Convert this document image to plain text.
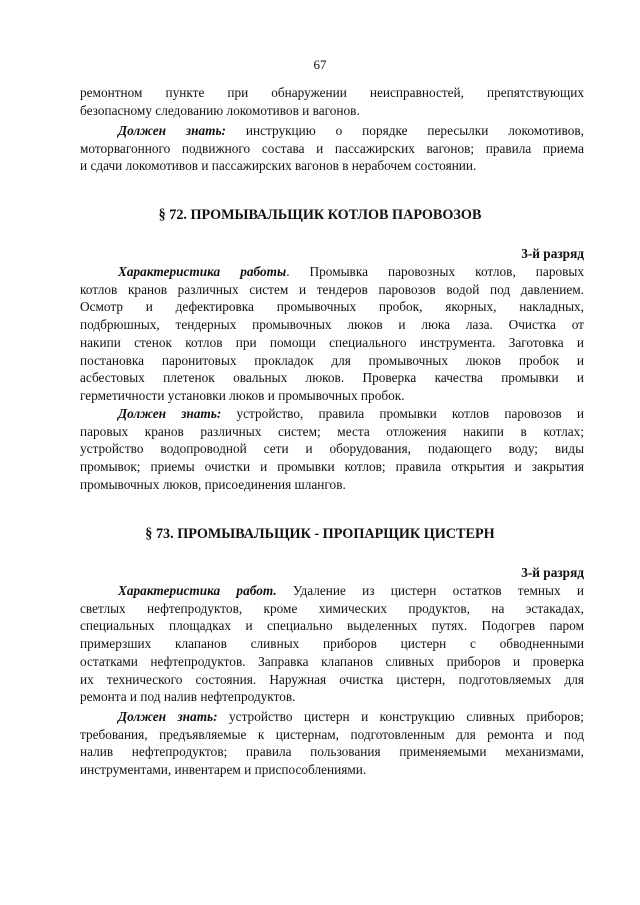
67
ремонтном пункте при обнаружении неисправностей, препятствующих
безопасному следованию локомотивов и вагонов.
Должен знать: инструкцию о порядке пересылки локомотивов,
моторвагонного подвижного состава и пассажирских вагонов; правила приема
и сдачи локомотивов и пассажирских вагонов в нерабочем состоянии.
§ 72. ПРОМЫВАЛЬЩИК КОТЛОВ ПАРОВОЗОВ
3-й разряд
Характеристика работы. Промывка паровозных котлов, паровых
котлов кранов различных систем и тендеров паровозов водой под давлением.
Осмотр и дефектировка промывочных пробок, якорных, накладных,
подбрюшных, тендерных промывочных люков и люка лаза. Очистка от
накипи стенок котлов при помощи специального инструмента. Заготовка и
постановка паронитовых прокладок для промывочных люков пробок и
асбестовых плетенок овальных люков. Проверка качества промывки и
герметичности установки люков и промывочных пробок.
Должен знать: устройство, правила промывки котлов паровозов и
паровых кранов различных систем; места отложения накипи в котлах;
устройство водопроводной сети и оборудования, подающего воду; виды
промывок; приемы очистки и промывки котлов; правила открытия и закрытия
промывочных люков, присоединения шлангов.
§ 73. ПРОМЫВАЛЬЩИК - ПРОПАРЩИК ЦИСТЕРН
3-й разряд
Характеристика работ. Удаление из цистерн остатков темных и
светлых нефтепродуктов, кроме химических продуктов, на эстакадах,
специальных площадках и специально выделенных путях. Подогрев паром
примерзших клапанов сливных приборов цистерн с обводненными
остатками нефтепродуктов. Заправка клапанов сливных приборов и проверка
их технического состояния. Наружная очистка цистерн, подготовляемых для
ремонта и под налив нефтепродуктов.
Должен знать: устройство цистерн и конструкцию сливных приборов;
требования, предъявляемые к цистернам, подготовленным для ремонта и под
налив нефтепродуктов; правила пользования применяемыми механизмами,
инструментами, инвентарем и приспособлениями.
